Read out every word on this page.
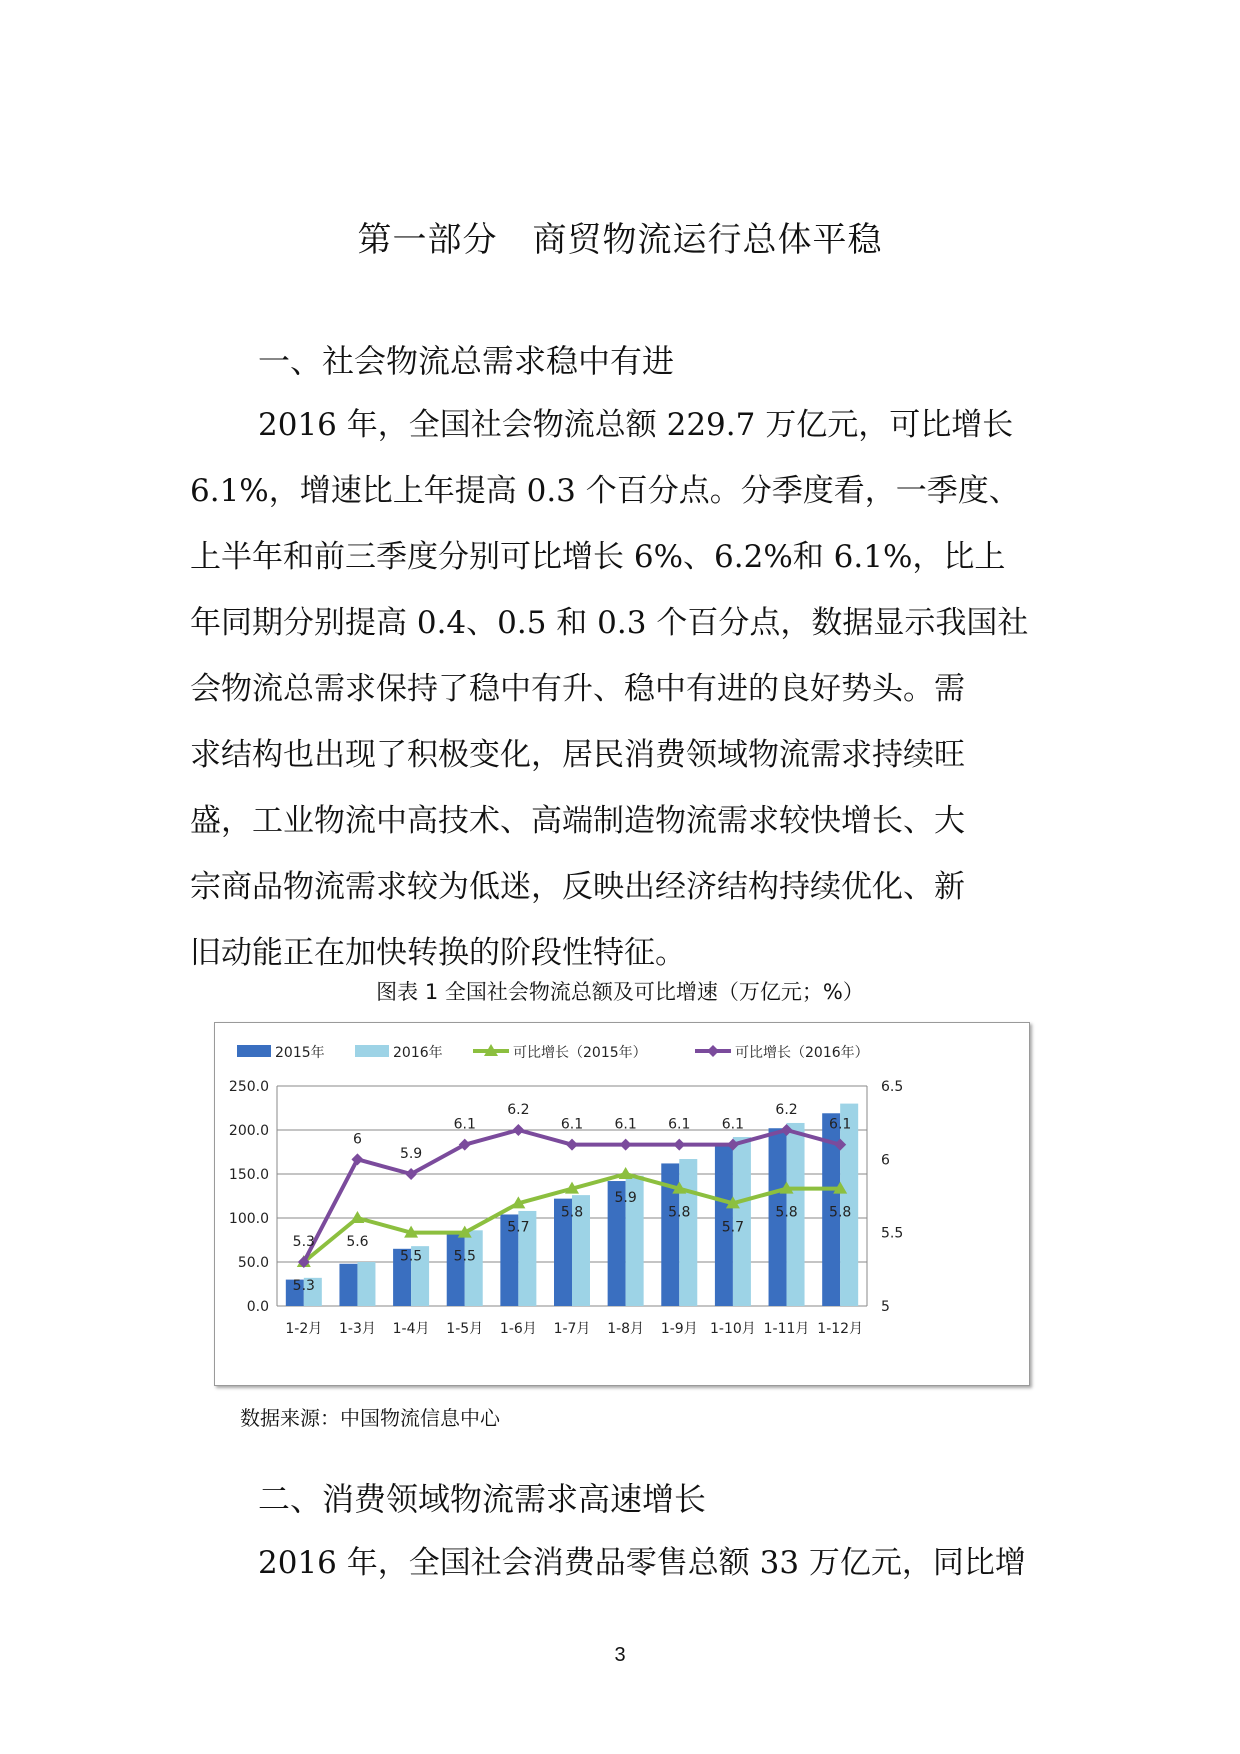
第一部分　商贸物流运行总体平稳
一、社会物流总需求稳中有进
2016 年，全国社会物流总额 229.7 万亿元，可比增长
6.1%，增速比上年提高 0.3 个百分点。分季度看，一季度、
上半年和前三季度分别可比增长 6%、6.2%和 6.1%，比上
年同期分别提高 0.4、0.5 和 0.3 个百分点，数据显示我国社
会物流总需求保持了稳中有升、稳中有进的良好势头。需
求结构也出现了积极变化，居民消费领域物流需求持续旺
盛，工业物流中高技术、高端制造物流需求较快增长、大
宗商品物流需求较为低迷，反映出经济结构持续优化、新
旧动能正在加快转换的阶段性特征。

图表 1 全国社会物流总额及可比增速（万亿元；%）

0.0
50.0
100.0
150.0
200.0
250.0
5
5.5
6
6.5
1-2月 1-3月 1-4月 1-5月 1-6月 1-7月 1-8月 1-9月 1-10月 1-11月 1-12月
5.3
5.6
5.5 5.5
5.7
5.8
5.9
5.8
5.7
5.8 5.8
5.3
6
5.9
6.1
6.2
6.1 6.1 6.1 6.1
6.2
6.1
2015年	2016年	可比增长（2015年）	可比增长（2016年）

数据来源：中国物流信息中心

二、消费领域物流需求高速增长
2016 年，全国社会消费品零售总额 33 万亿元，同比增

3
